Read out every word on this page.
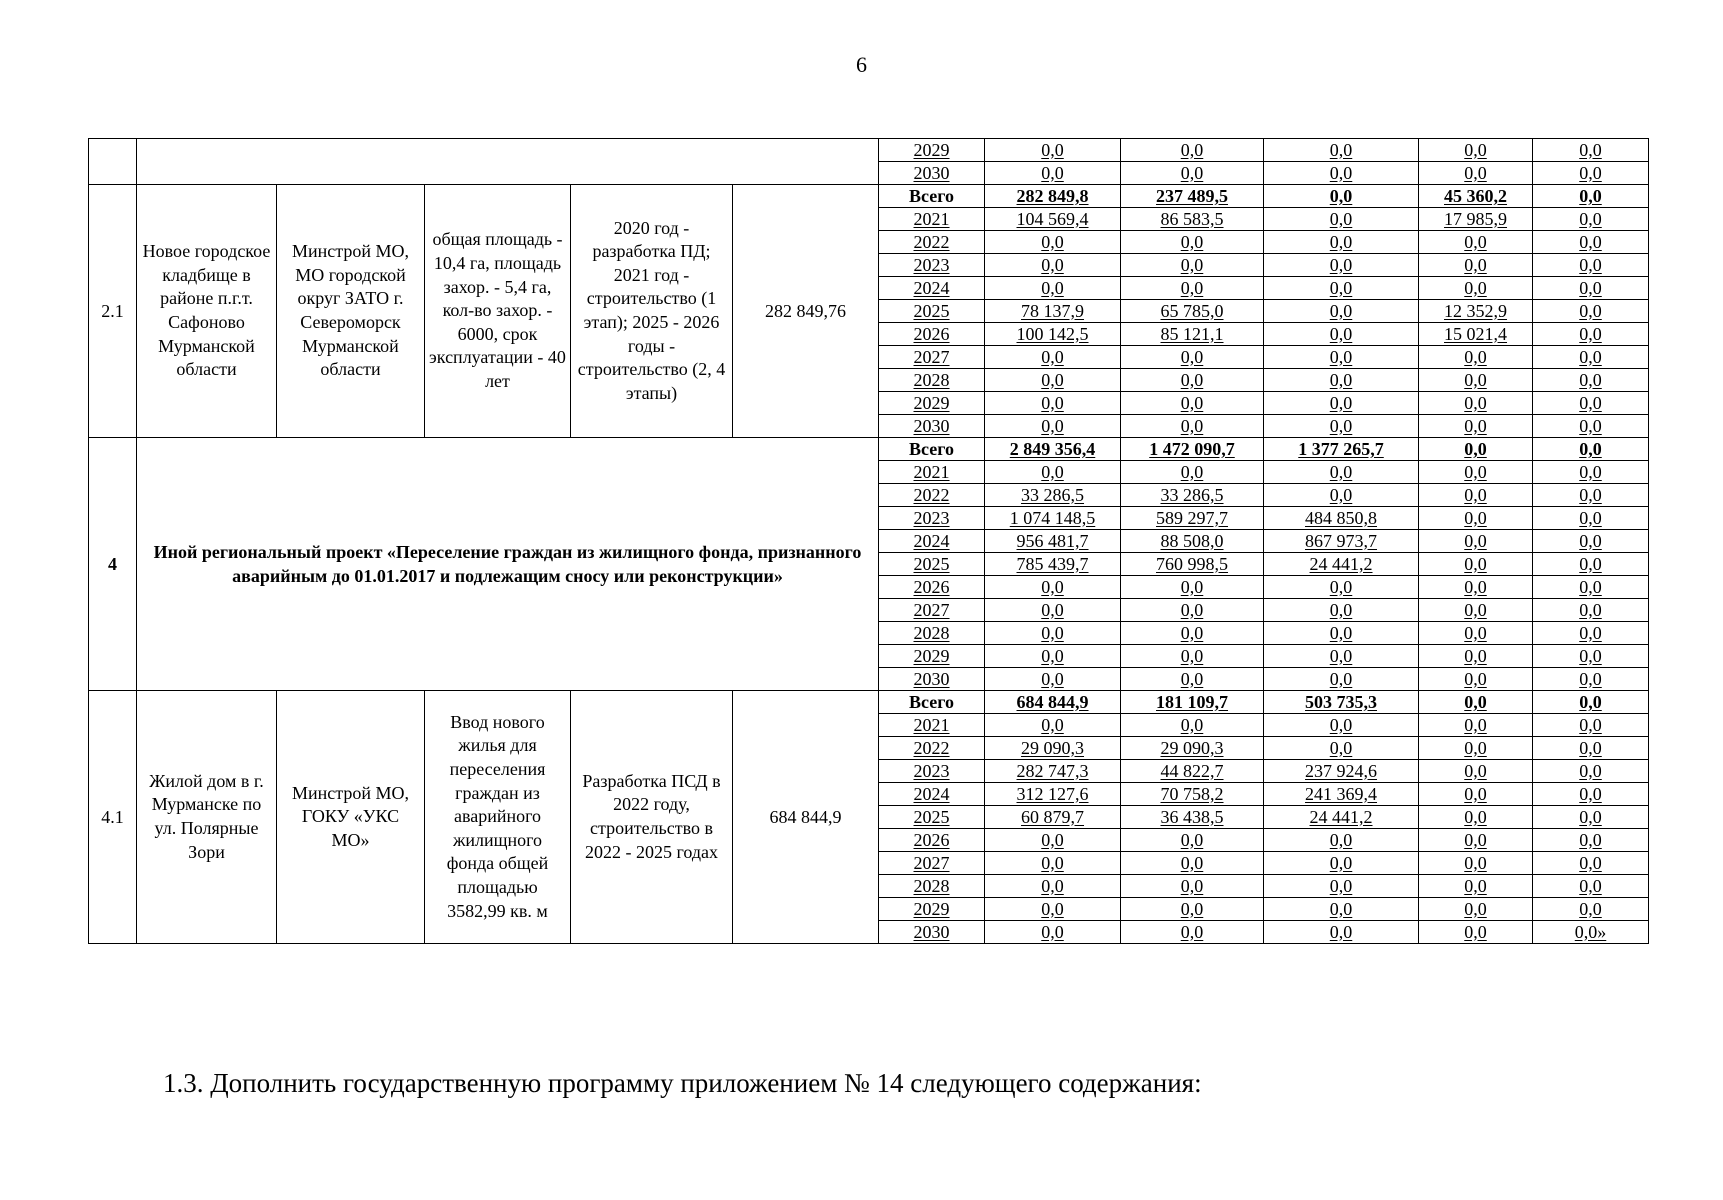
6
						2029	0,0	0,0	0,0	0,0	0,0
						2030	0,0	0,0	0,0	0,0	0,0
2.1	Новое городское кладбище в районе п.г.т. Сафоново Мурманской области	Минстрой МО, МО городской округ ЗАТО г. Североморск Мурманской области	общая площадь - 10,4 га, площадь захор. - 5,4 га, кол-во захор. - 6000, срок эксплуатации - 40 лет	2020 год - разработка ПД; 2021 год - строительство (1 этап); 2025 - 2026 годы - строительство (2, 4 этапы)	282 849,76	Всего	282 849,8	237 489,5	0,0	45 360,2	0,0
						2021	104 569,4	86 583,5	0,0	17 985,9	0,0
						2022	0,0	0,0	0,0	0,0	0,0
						2023	0,0	0,0	0,0	0,0	0,0
						2024	0,0	0,0	0,0	0,0	0,0
						2025	78 137,9	65 785,0	0,0	12 352,9	0,0
						2026	100 142,5	85 121,1	0,0	15 021,4	0,0
						2027	0,0	0,0	0,0	0,0	0,0
						2028	0,0	0,0	0,0	0,0	0,0
						2029	0,0	0,0	0,0	0,0	0,0
						2030	0,0	0,0	0,0	0,0	0,0
4	Иной региональный проект «Переселение граждан из жилищного фонда, признанного аварийным до 01.01.2017 и подлежащим сносу или реконструкции»					Всего	2 849 356,4	1 472 090,7	1 377 265,7	0,0	0,0
						2021	0,0	0,0	0,0	0,0	0,0
						2022	33 286,5	33 286,5	0,0	0,0	0,0
						2023	1 074 148,5	589 297,7	484 850,8	0,0	0,0
						2024	956 481,7	88 508,0	867 973,7	0,0	0,0
						2025	785 439,7	760 998,5	24 441,2	0,0	0,0
						2026	0,0	0,0	0,0	0,0	0,0
						2027	0,0	0,0	0,0	0,0	0,0
						2028	0,0	0,0	0,0	0,0	0,0
						2029	0,0	0,0	0,0	0,0	0,0
						2030	0,0	0,0	0,0	0,0	0,0
4.1	Жилой дом в г. Мурманске по ул. Полярные Зори	Минстрой МО, ГОКУ «УКС МО»	Ввод нового жилья для переселения граждан из аварийного жилищного фонда общей площадью 3582,99 кв. м	Разработка ПСД в 2022 году, строительство в 2022 - 2025 годах	684 844,9	Всего	684 844,9	181 109,7	503 735,3	0,0	0,0
						2021	0,0	0,0	0,0	0,0	0,0
						2022	29 090,3	29 090,3	0,0	0,0	0,0
						2023	282 747,3	44 822,7	237 924,6	0,0	0,0
						2024	312 127,6	70 758,2	241 369,4	0,0	0,0
						2025	60 879,7	36 438,5	24 441,2	0,0	0,0
						2026	0,0	0,0	0,0	0,0	0,0
						2027	0,0	0,0	0,0	0,0	0,0
						2028	0,0	0,0	0,0	0,0	0,0
						2029	0,0	0,0	0,0	0,0	0,0
						2030	0,0	0,0	0,0	0,0	0,0»
1.3. Дополнить государственную программу приложением № 14 следующего содержания:
